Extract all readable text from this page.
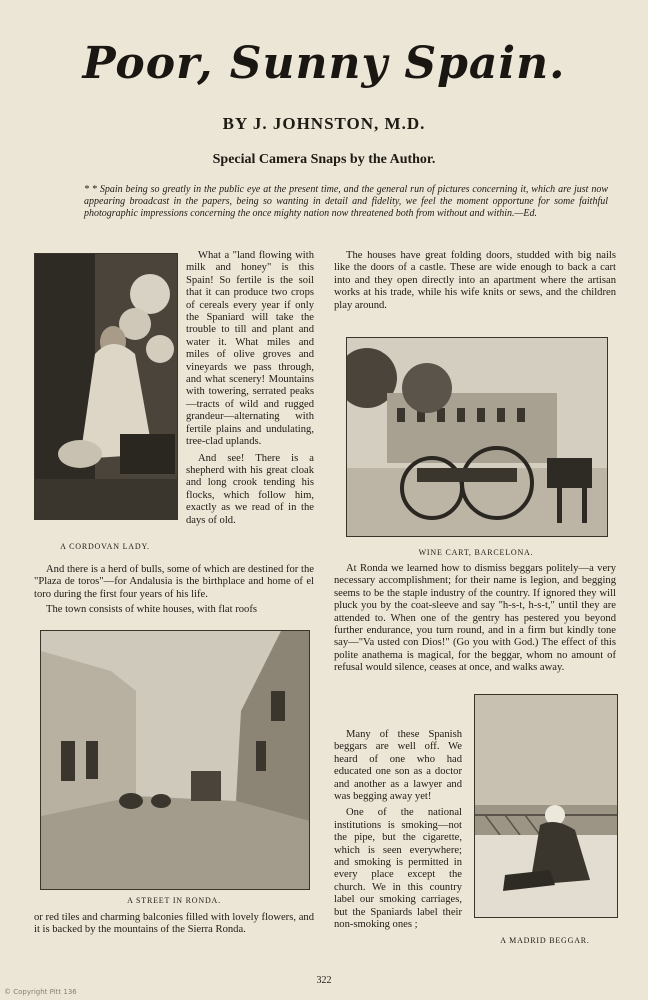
Poor, Sunny Spain.
BY J. JOHNSTON, M.D.
Special Camera Snaps by the Author.
* * Spain being so greatly in the public eye at the present time, and the general run of pictures concerning it, which are just now appearing broadcast in the papers, being so wanting in detail and fidelity, we feel the moment opportune for some faithful photographic impressions concerning the once mighty nation now threatened both from without and within.—Ed.
A CORDOVAN LADY.

What a "land flowing with milk and honey" is this Spain! So fertile is the soil that it can produce two crops of cereals every year if only the Spaniard will take the trouble to till and plant and water it. What miles and miles of olive groves and vineyards we pass through, and what scenery! Mountains with towering, serrated peaks—tracts of wild and rugged grandeur—alternating with fertile plains and undulating, tree-clad uplands.

And see! There is a shepherd with his great cloak and long crook tending his flocks, which follow him, exactly as we read of in the days of old.

And there is a herd of bulls, some of which are destined for the "Plaza de toros"—for Andalusia is the birthplace and home of el toro during the first four years of his life.

The town consists of white houses, with flat roofs

A STREET IN RONDA.

or red tiles and charming balconies filled with lovely flowers, and it is backed by the mountains of the Sierra Ronda.

The houses have great folding doors, studded with big nails like the doors of a castle. These are wide enough to back a cart into and they open directly into an apartment where the artisan works at his trade, while his wife knits or sews, and the children play around.

WINE CART, BARCELONA.

At Ronda we learned how to dismiss beggars politely—a very necessary accomplishment; for their name is legion, and begging seems to be the staple industry of the country. If ignored they will pluck you by the coat-sleeve and say "h-s-t, h-s-t," until they are attended to. When one of the gentry has pestered you beyond further endurance, you turn round, and in a firm but kindly tone say—"Va usted con Dios!" (Go you with God.) The effect of this polite anathema is magical, for the beggar, whom no amount of refusal would silence, ceases at once, and walks away.

Many of these Spanish beggars are well off. We heard of one who had educated one son as a doctor and another as a lawyer and was begging away yet!

One of the national institutions is smoking—not the pipe, but the cigarette, which is seen everywhere; and smoking is permitted in every place except the church. We in this country label our smoking carriages, but the Spaniards label their non-smoking ones ;

A MADRID BEGGAR.
322
© Copyright Pitt 136
